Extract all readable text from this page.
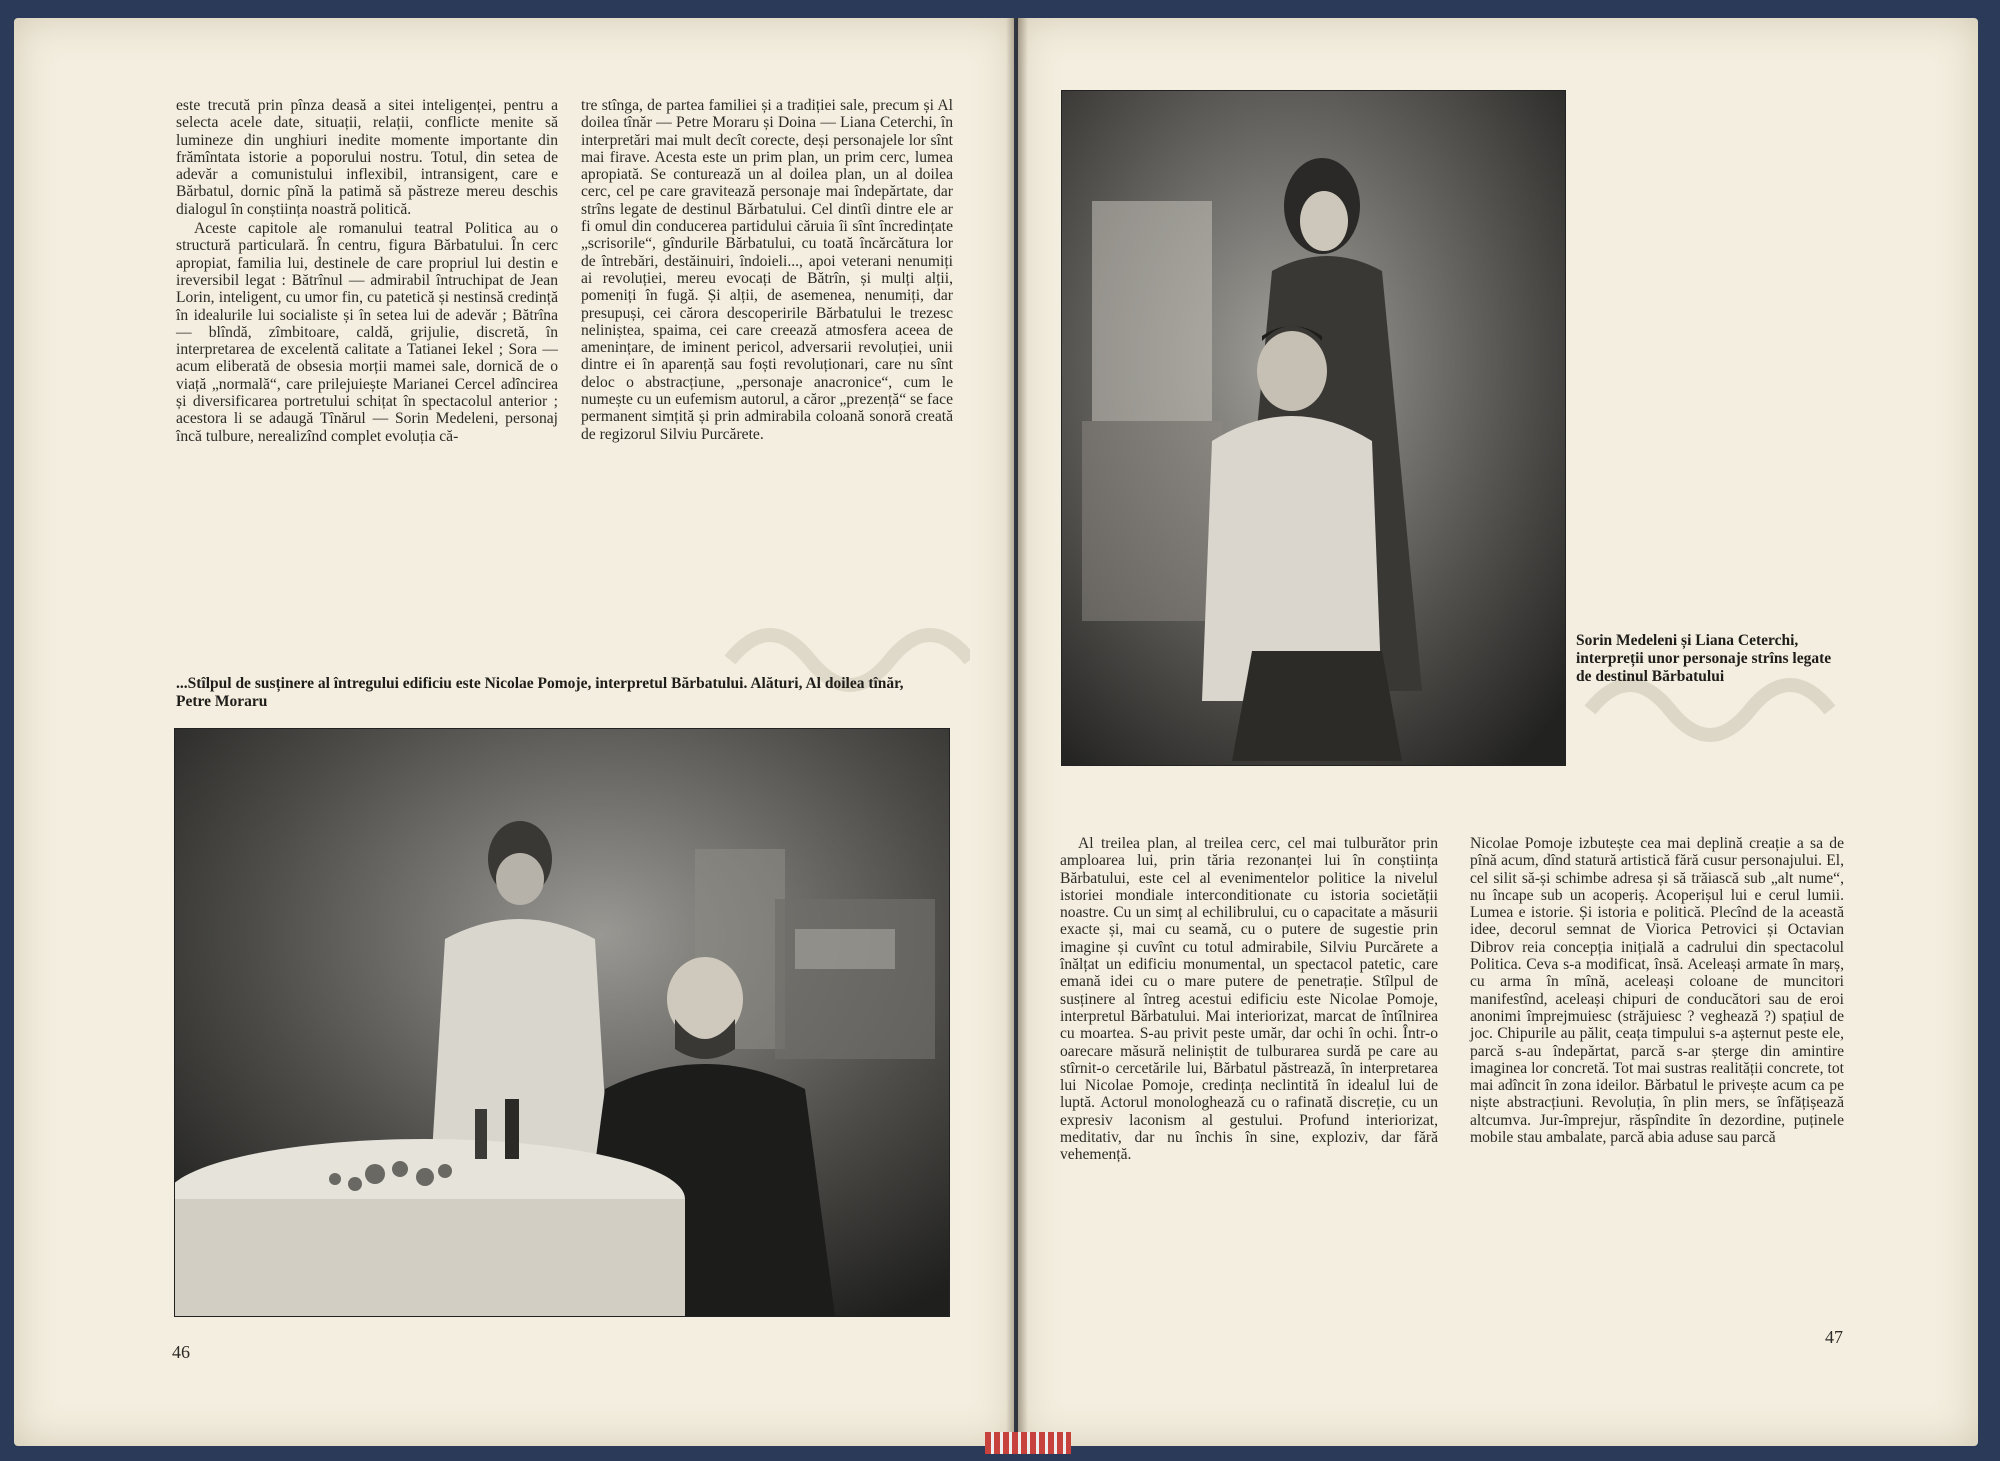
este trecută prin pînza deasă a sitei inteligenței, pentru a selecta acele date, situații, relații, conflicte menite să lumineze din unghiuri inedite momente importante din frămîntata istorie a poporului nostru. Totul, din setea de adevăr a comunistului inflexibil, intransigent, care e Bărbatul, dornic pînă la patimă să păstreze mereu deschis dialogul în conștiința noastră politică.

Aceste capitole ale romanului teatral Politica au o structură particulară. În centru, figura Bărbatului. În cerc apropiat, familia lui, destinele de care propriul lui destin e ireversibil legat : Bătrînul — admirabil întruchipat de Jean Lorin, inteligent, cu umor fin, cu patetică și nestinsă credință în idealurile lui socialiste și în setea lui de adevăr ; Bătrîna — blîndă, zîmbitoare, caldă, grijulie, discretă, în interpretarea de excelentă calitate a Tatianei Iekel ; Sora — acum eliberată de obsesia morții mamei sale, dornică de o viață „normală“, care prilejuiește Marianei Cercel adîncirea și diversificarea portretului schițat în spectacolul anterior ; acestora li se adaugă Tînărul — Sorin Medeleni, personaj încă tulbure, nerealizînd complet evoluția că-

tre stînga, de partea familiei și a tradiției sale, precum și Al doilea tînăr — Petre Moraru și Doina — Liana Ceterchi, în interpretări mai mult decît corecte, deși personajele lor sînt mai firave. Acesta este un prim plan, un prim cerc, lumea apropiată. Se conturează un al doilea plan, un al doilea cerc, cel pe care gravitează personaje mai îndepărtate, dar strîns legate de destinul Bărbatului. Cel dintîi dintre ele ar fi omul din conducerea partidului căruia îi sînt încredințate „scrisorile“, gîndurile Bărbatului, cu toată încărcătura lor de întrebări, destăinuiri, îndoieli..., apoi veterani nenumiți ai revoluției, mereu evocați de Bătrîn, și mulți alții, pomeniți în fugă. Și alții, de asemenea, nenumiți, dar presupuși, cei cărora descoperirile Bărbatului le trezesc neliniștea, spaima, cei care creează atmosfera aceea de amenințare, de iminent pericol, adversarii revoluției, unii dintre ei în aparență sau foști revoluționari, care nu sînt deloc o abstracțiune, „personaje anacronice“, cum le numește cu un eufemism autorul, a căror „prezență“ se face permanent simțită și prin admirabila coloană sonoră creată de regizorul Silviu Purcărete.

...Stîlpul de susținere al întregului edificiu este Nicolae Pomoje, interpretul Bărbatului. Alături, Al doilea tînăr, Petre Moraru
46
Sorin Medeleni și Liana Ceterchi, interpreții unor personaje strîns legate de destinul Bărbatului

Al treilea plan, al treilea cerc, cel mai tulburător prin amploarea lui, prin tăria rezonanței lui în conștiința Bărbatului, este cel al evenimentelor politice la nivelul istoriei mondiale interconditionate cu istoria societății noastre. Cu un simț al echilibrului, cu o capacitate a măsurii exacte și, mai cu seamă, cu o putere de sugestie prin imagine și cuvînt cu totul admirabile, Silviu Purcărete a înălțat un edificiu monumental, un spectacol patetic, care emană idei cu o mare putere de penetrație. Stîlpul de susținere al întreg acestui edificiu este Nicolae Pomoje, interpretul Bărbatului. Mai interiorizat, marcat de întîlnirea cu moartea. S-au privit peste umăr, dar ochi în ochi. Într-o oarecare măsură neliniștit de tulburarea surdă pe care au stîrnit-o cercetările lui, Bărbatul păstrează, în interpretarea lui Nicolae Pomoje, credința neclintită în idealul lui de luptă. Actorul monologhează cu o rafinată discreție, cu un expresiv laconism al gestului. Profund interiorizat, meditativ, dar nu închis în sine, exploziv, dar fără vehemență.

Nicolae Pomoje izbutește cea mai deplină creație a sa de pînă acum, dînd statură artistică fără cusur personajului. El, cel silit să-și schimbe adresa și să trăiască sub „alt nume“, nu încape sub un acoperiș. Acoperișul lui e cerul lumii. Lumea e istorie. Și istoria e politică. Plecînd de la această idee, decorul semnat de Viorica Petrovici și Octavian Dibrov reia concepția inițială a cadrului din spectacolul Politica. Ceva s-a modificat, însă. Aceleași armate în marș, cu arma în mînă, aceleași coloane de muncitori manifestînd, aceleași chipuri de conducători sau de eroi anonimi împrejmuiesc (străjuiesc ? veghează ?) spațiul de joc. Chipurile au pălit, ceața timpului s-a așternut peste ele, parcă s-au îndepărtat, parcă s-ar șterge din amintire imaginea lor concretă. Tot mai sustras realității concrete, tot mai adîncit în zona ideilor. Bărbatul le privește acum ca pe niște abstracțiuni. Revoluția, în plin mers, se înfățișează altcumva. Jur-împrejur, răspîndite în dezordine, puținele mobile stau ambalate, parcă abia aduse sau parcă

47
